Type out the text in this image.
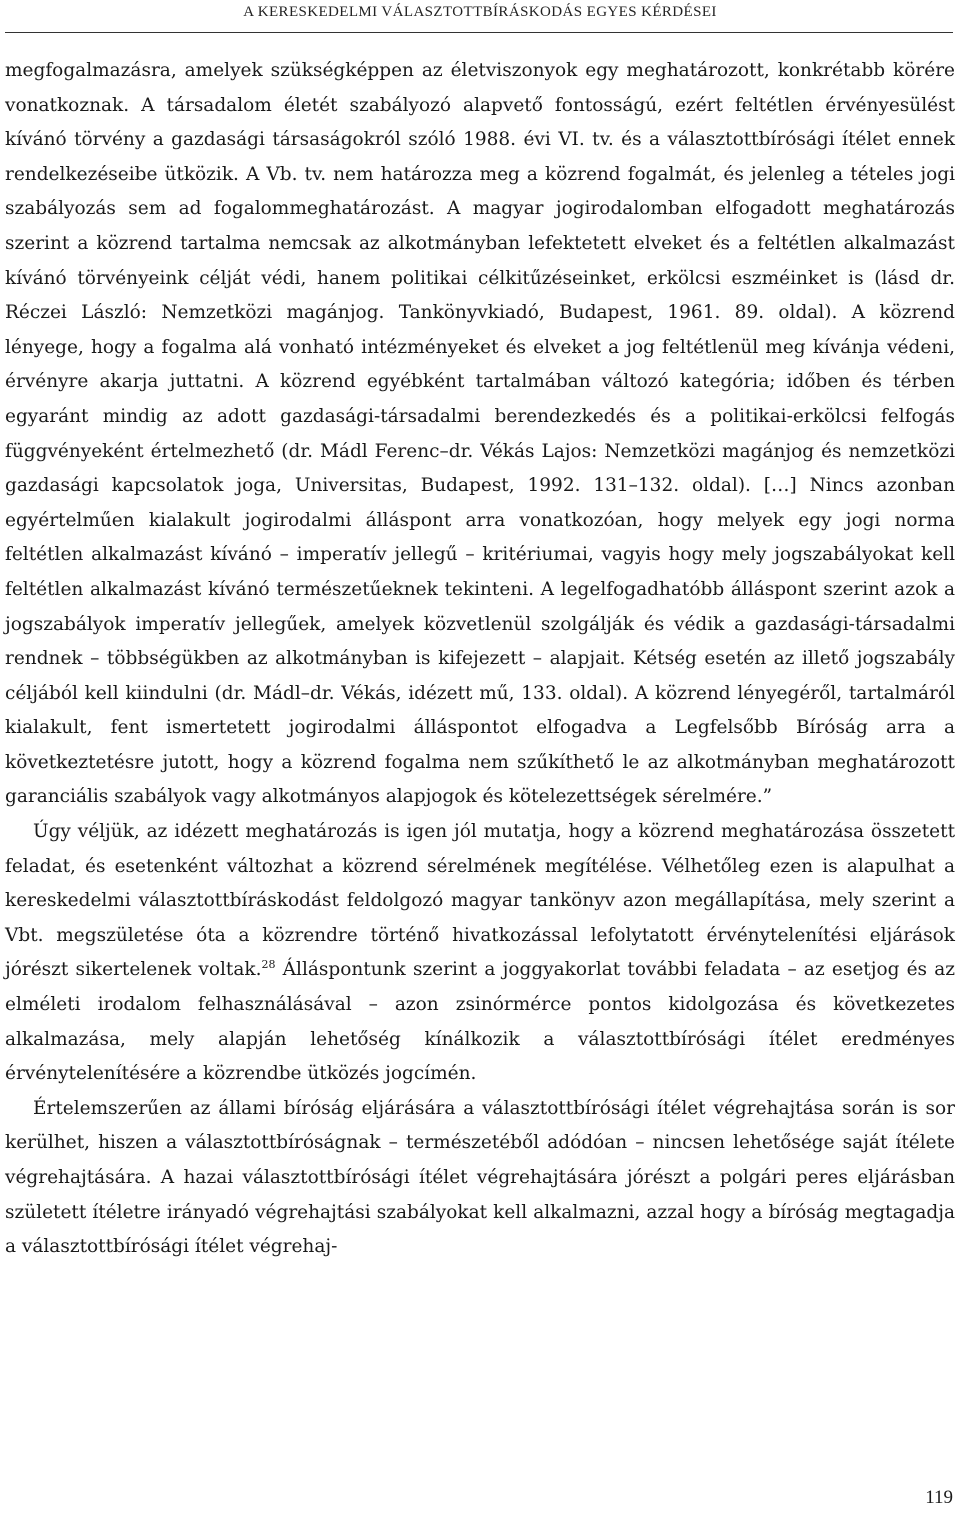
A KERESKEDELMI VÁLASZTOTTBÍRÁSKODÁS EGYES KÉRDÉSEI

megfogalmazásra, amelyek szükségképpen az életviszonyok egy meghatározott, konkrétabb körére vonatkoznak. A társadalom életét szabályozó alapvető fontosságú, ezért feltétlen érvényesülést kívánó törvény a gazdasági társaságokról szóló 1988. évi VI. tv. és a választottbírósági ítélet ennek rendelkezéseibe ütközik. A Vb. tv. nem határozza meg a közrend fogalmát, és jelenleg a tételes jogi szabályozás sem ad fogalommeghatározást. A magyar jogirodalomban elfogadott meghatározás szerint a közrend tartalma nemcsak az alkotmányban lefektetett elveket és a feltétlen alkalmazást kívánó törvényeink célját védi, hanem politikai célkitűzéseinket, erkölcsi eszméinket is (lásd dr. Réczei László: Nemzetközi magánjog. Tankönyvkiadó, Budapest, 1961. 89. oldal). A közrend lényege, hogy a fogalma alá vonható intézményeket és elveket a jog feltétlenül meg kívánja védeni, érvényre akarja juttatni. A közrend egyébként tartalmában változó kategória; időben és térben egyaránt mindig az adott gazdasági-társadalmi berendezkedés és a politikai-erkölcsi felfogás függvényeként értelmezhető (dr. Mádl Ferenc–dr. Vékás Lajos: Nemzetközi magánjog és nemzetközi gazdasági kapcsolatok joga, Universitas, Budapest, 1992. 131–132. oldal). […] Nincs azonban egyértelműen kialakult jogirodalmi álláspont arra vonatkozóan, hogy melyek egy jogi norma feltétlen alkalmazást kívánó – imperatív jellegű – kritériumai, vagyis hogy mely jogszabályokat kell feltétlen alkalmazást kívánó természetűeknek tekinteni. A legelfogadhatóbb álláspont szerint azok a jogszabályok imperatív jellegűek, amelyek közvetlenül szolgálják és védik a gazdasági-társadalmi rendnek – többségükben az alkotmányban is kifejezett – alapjait. Kétség esetén az illető jogszabály céljából kell kiindulni (dr. Mádl–dr. Vékás, idézett mű, 133. oldal). A közrend lényegéről, tartalmáról kialakult, fent ismertetett jogirodalmi álláspontot elfogadva a Legfelsőbb Bíróság arra a következtetésre jutott, hogy a közrend fogalma nem szűkíthető le az alkotmányban meghatározott garanciális szabályok vagy alkotmányos alapjogok és kötelezettségek sérelmére.”

Úgy véljük, az idézett meghatározás is igen jól mutatja, hogy a közrend meghatározása összetett feladat, és esetenként változhat a közrend sérelmének megítélése. Vélhetőleg ezen is alapulhat a kereskedelmi választottbíráskodást feldolgozó magyar tankönyv azon megállapítása, mely szerint a Vbt. megszületése óta a közrendre történő hivatkozással lefolytatott érvénytelenítési eljárások jórészt sikertelenek voltak.$^{28}$ Álláspontunk szerint a joggyakorlat további feladata – az esetjog és az elméleti irodalom felhasználásával – azon zsinórmérce pontos kidolgozása és következetes alkalmazása, mely alapján lehetőség kínálkozik a választottbírósági ítélet eredményes érvénytelenítésére a közrendbe ütközés jogcímén.

Értelemszerűen az állami bíróság eljárására a választottbírósági ítélet végrehajtása során is sor kerülhet, hiszen a választottbíróságnak – természetéből adódóan – nincsen lehetősége saját ítélete végrehajtására. A hazai választottbírósági ítélet végrehajtására jórészt a polgári peres eljárásban született ítéletre irányadó végrehajtási szabályokat kell alkalmazni, azzal hogy a bíróság megtagadja a választottbírósági ítélet végrehaj-

119
